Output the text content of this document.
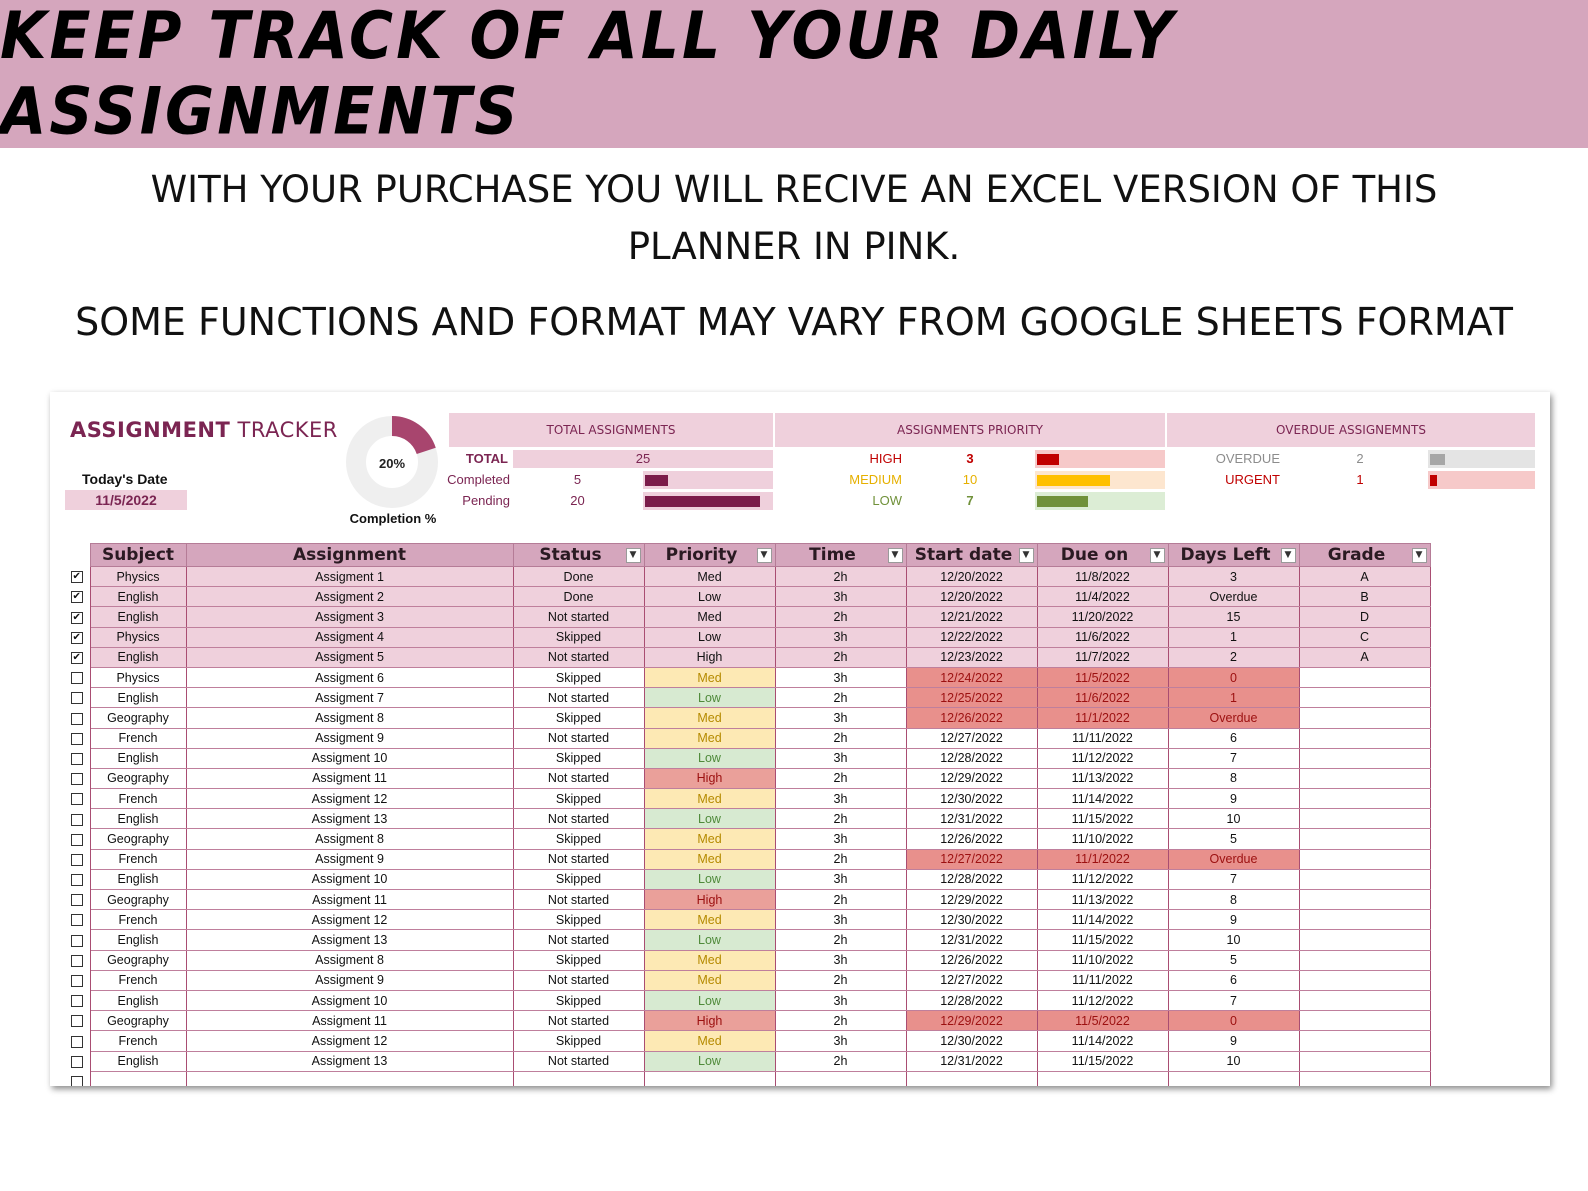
KEEP TRACK OF ALL YOUR DAILY ASSIGNMENTS
WITH YOUR PURCHASE YOU WILL RECIVE AN EXCEL VERSION OF THIS
PLANNER IN PINK.
SOME FUNCTIONS AND FORMAT MAY VARY FROM GOOGLE SHEETS FORMAT
ASSIGNMENT TRACKER
Today's Date
11/5/2022
20%
Completion %
TOTAL ASSIGNMENTS
TOTAL	25
Completed	5
Pending	20
ASSIGNMENTS PRIORITY
HIGH	3
MEDIUM	10
LOW	7
OVERDUE ASSIGNEMNTS
OVERDUE	2
URGENT	1
	Subject	Assignment	Status ▼	Priority ▼	Time ▼	Start date ▼	Due on ▼	Days Left ▼	Grade ▼

✔	Physics	Assigment 1	Done	Med	2h	12/20/2022	11/8/2022	3	A
✔	English	Assigment 2	Done	Low	3h	12/20/2022	11/4/2022	Overdue	B
✔	English	Assigment 3	Not started	Med	2h	12/21/2022	11/20/2022	15	D
✔	Physics	Assigment 4	Skipped	Low	3h	12/22/2022	11/6/2022	1	C
✔	English	Assigment 5	Not started	High	2h	12/23/2022	11/7/2022	2	A
	Physics	Assigment 6	Skipped	Med	3h	12/24/2022	11/5/2022	0	
	English	Assigment 7	Not started	Low	2h	12/25/2022	11/6/2022	1	
	Geography	Assigment 8	Skipped	Med	3h	12/26/2022	11/1/2022	Overdue	
	French	Assigment 9	Not started	Med	2h	12/27/2022	11/11/2022	6	
	English	Assigment 10	Skipped	Low	3h	12/28/2022	11/12/2022	7	
	Geography	Assigment 11	Not started	High	2h	12/29/2022	11/13/2022	8	
	French	Assigment 12	Skipped	Med	3h	12/30/2022	11/14/2022	9	
	English	Assigment 13	Not started	Low	2h	12/31/2022	11/15/2022	10	
	Geography	Assigment 8	Skipped	Med	3h	12/26/2022	11/10/2022	5	
	French	Assigment 9	Not started	Med	2h	12/27/2022	11/1/2022	Overdue	
	English	Assigment 10	Skipped	Low	3h	12/28/2022	11/12/2022	7	
	Geography	Assigment 11	Not started	High	2h	12/29/2022	11/13/2022	8	
	French	Assigment 12	Skipped	Med	3h	12/30/2022	11/14/2022	9	
	English	Assigment 13	Not started	Low	2h	12/31/2022	11/15/2022	10	
	Geography	Assigment 8	Skipped	Med	3h	12/26/2022	11/10/2022	5	
	French	Assigment 9	Not started	Med	2h	12/27/2022	11/11/2022	6	
	English	Assigment 10	Skipped	Low	3h	12/28/2022	11/12/2022	7	
	Geography	Assigment 11	Not started	High	2h	12/29/2022	11/5/2022	0	
	French	Assigment 12	Skipped	Med	3h	12/30/2022	11/14/2022	9	
	English	Assigment 13	Not started	Low	2h	12/31/2022	11/15/2022	10	
